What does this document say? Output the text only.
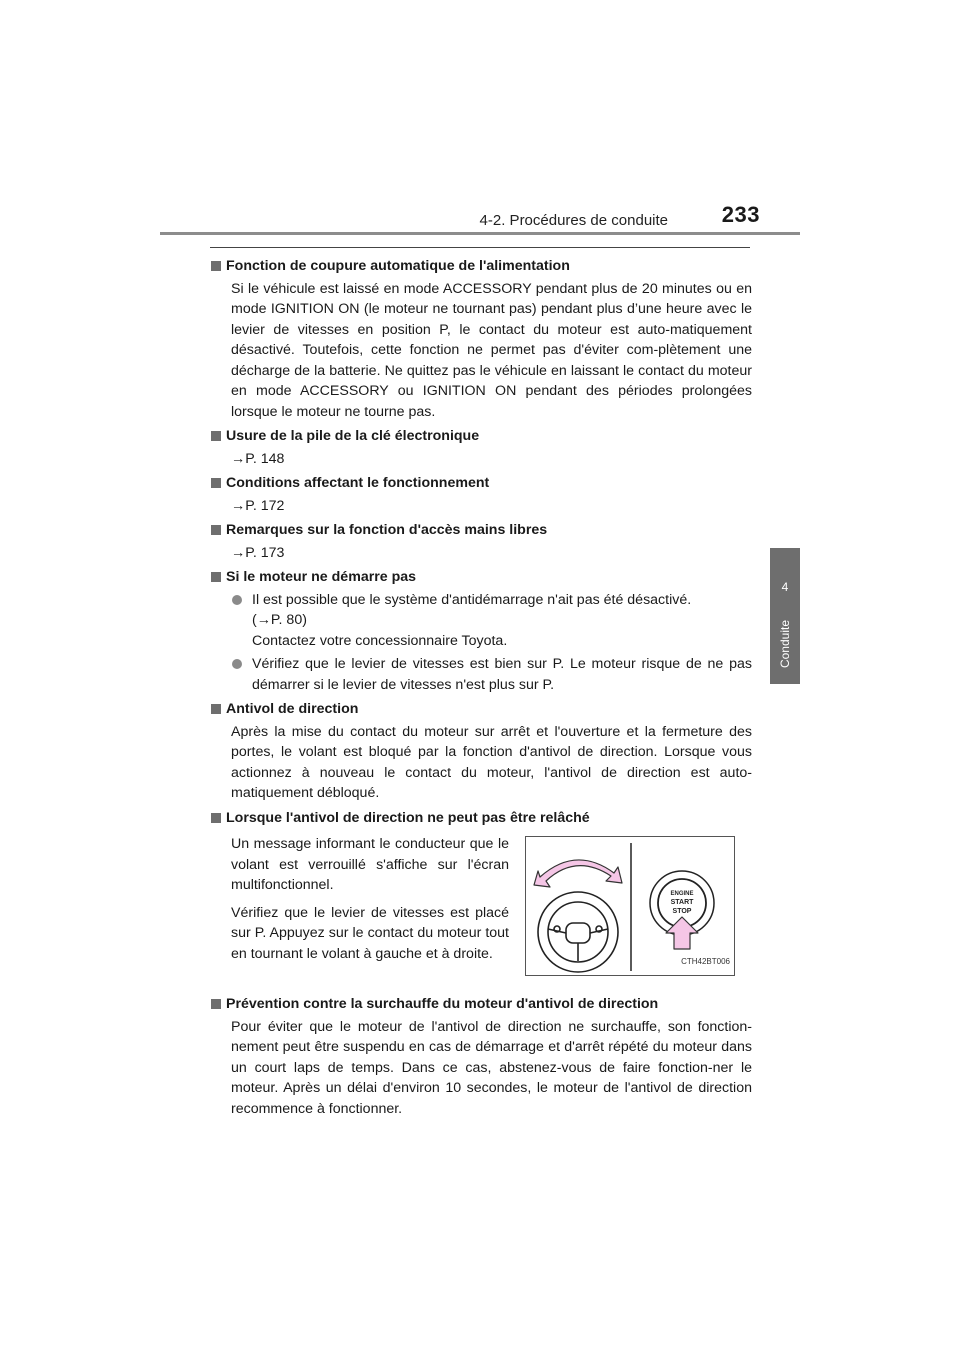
4-2. Procédures de conduite 233
4
Conduite
Fonction de coupure automatique de l'alimentation
Si le véhicule est laissé en mode ACCESSORY pendant plus de 20 minutes ou en mode IGNITION ON (le moteur ne tournant pas) pendant plus d’une heure avec le levier de vitesses en position P, le contact du moteur est auto-matiquement désactivé. Toutefois, cette fonction ne permet pas d'éviter com-plètement une décharge de la batterie. Ne quittez pas le véhicule en laissant le contact du moteur en mode ACCESSORY ou IGNITION ON pendant des périodes prolongées lorsque le moteur ne tourne pas.
Usure de la pile de la clé électronique
→P. 148
Conditions affectant le fonctionnement
→P. 172
Remarques sur la fonction d'accès mains libres
→P. 173
Si le moteur ne démarre pas
Il est possible que le système d'antidémarrage n'ait pas été désactivé.
(→P. 80)
Contactez votre concessionnaire Toyota.
Vérifiez que le levier de vitesses est bien sur P. Le moteur risque de ne pas démarrer si le levier de vitesses n'est plus sur P.
Antivol de direction
Après la mise du contact du moteur sur arrêt et l'ouverture et la fermeture des portes, le volant est bloqué par la fonction d'antivol de direction. Lorsque vous actionnez à nouveau le contact du moteur, l'antivol de direction est auto-matiquement débloqué.
Lorsque l'antivol de direction ne peut pas être relâché

Un message informant le conducteur que le volant est verrouillé s'affiche sur l'écran multifonctionnel.

Vérifiez que le levier de vitesses est placé sur P. Appuyez sur le contact du moteur tout en tournant le volant à gauche et à droite.

ENGINE
START
STOP
CTH42BT006
Prévention contre la surchauffe du moteur d'antivol de direction
Pour éviter que le moteur de l'antivol de direction ne surchauffe, son fonction-nement peut être suspendu en cas de démarrage et d'arrêt répété du moteur dans un court laps de temps. Dans ce cas, abstenez-vous de faire fonction-ner le moteur. Après un délai d'environ 10 secondes, le moteur de l'antivol de direction recommence à fonctionner.
